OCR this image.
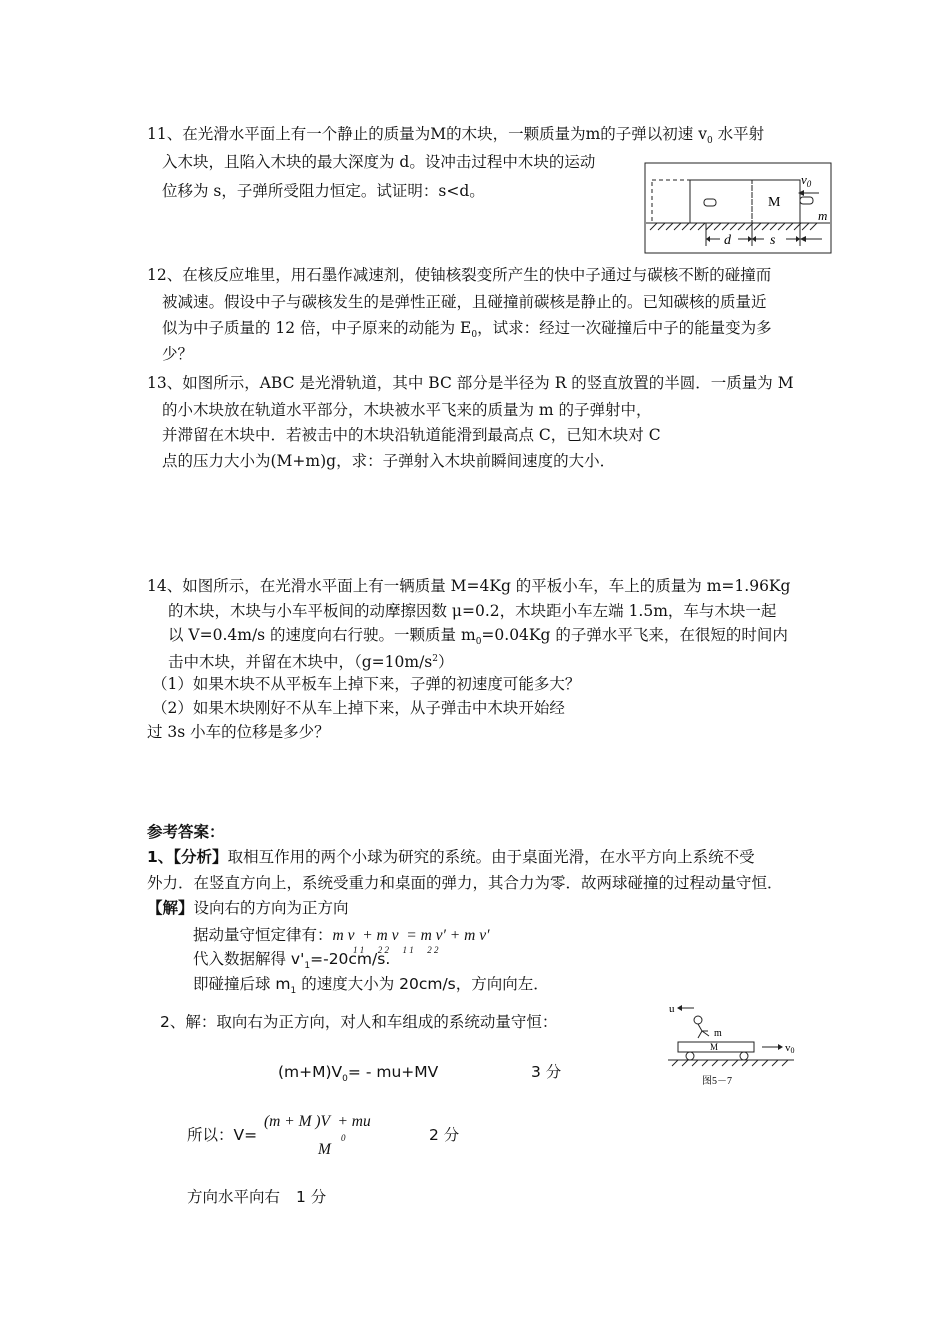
11、在光滑水平面上有一个静止的质量为M的木块，一颗质量为m的子弹以初速 $v_0$ 水平射
入木块，且陷入木块的最大深度为 d。设冲击过程中木块的运动
位移为 s，子弹所受阻力恒定。试证明：s<d。
M
$v_0$
m
d	s
12、在核反应堆里，用石墨作减速剂，使铀核裂变所产生的快中子通过与碳核不断的碰撞而
被减速。假设中子与碳核发生的是弹性正碰，且碰撞前碳核是静止的。已知碳核的质量近
似为中子质量的 12 倍，中子原来的动能为 $E_0$，试求：经过一次碰撞后中子的能量变为多
少？
13、如图所示，ABC 是光滑轨道，其中 BC 部分是半径为 R 的竖直放置的半圆．一质量为 M
的小木块放在轨道水平部分，木块被水平飞来的质量为 m 的子弹射中，
并滞留在木块中．若被击中的木块沿轨道能滑到最高点 C，已知木块对 C
点的压力大小为(M+m)g，求：子弹射入木块前瞬间速度的大小．
14、如图所示，在光滑水平面上有一辆质量 M=4Kg 的平板小车，车上的质量为 m=1.96Kg
的木块，木块与小车平板间的动摩擦因数 μ=0.2，木块距小车左端 1.5m，车与木块一起
以 V=0.4m/s 的速度向右行驶。一颗质量 $m_0=0.04Kg$ 的子弹水平飞来，在很短的时间内
击中木块，并留在木块中，$(g=10m/s^2)$
（1）如果木块不从平板车上掉下来，子弹的初速度可能多大？
（2）如果木块刚好不从车上掉下来，从子弹击中木块开始经
过 3s 小车的位移是多少？
参考答案：
1、【分析】取相互作用的两个小球为研究的系统。由于桌面光滑，在水平方向上系统不受
外力．在竖直方向上，系统受重力和桌面的弹力，其合力为零．故两球碰撞的过程动量守恒．
【解】设向右的方向为正方向
据动量守恒定律有：m v  + m v  = m v′ + m v′
1 1      2 2      1 1      2 2
代入数据解得 $v'_1=-20cm/s$.
即碰撞后球 $m_1$ 的速度大小为 20cm/s，方向向左．
2、解：取向右为正方向，对人和车组成的系统动量守恒：
u
m
M	v0
图5－7
$(m+M)V_0= - mu+MV$	3 分
所以：V=
(m + M )V  + mu
0
M
2 分
方向水平向右 1 分
